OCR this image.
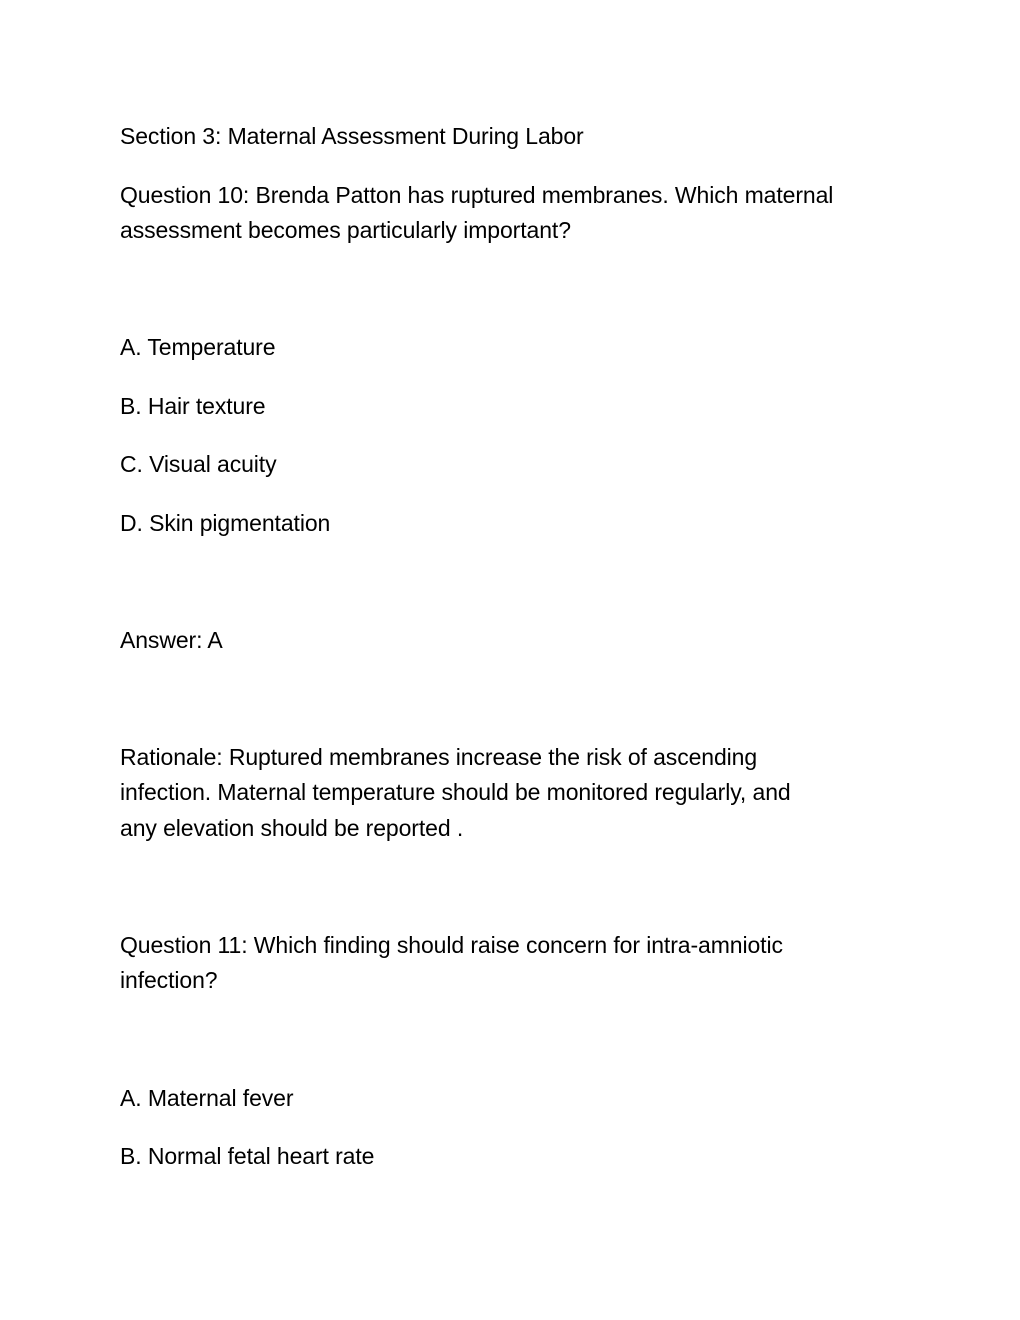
Section 3: Maternal Assessment During Labor
Question 10: Brenda Patton has ruptured membranes. Which maternal
assessment becomes particularly important?
A. Temperature
B. Hair texture
C. Visual acuity
D. Skin pigmentation
Answer: A
Rationale: Ruptured membranes increase the risk of ascending
infection. Maternal temperature should be monitored regularly, and
any elevation should be reported .
Question 11: Which finding should raise concern for intra-amniotic
infection?
A. Maternal fever
B. Normal fetal heart rate
